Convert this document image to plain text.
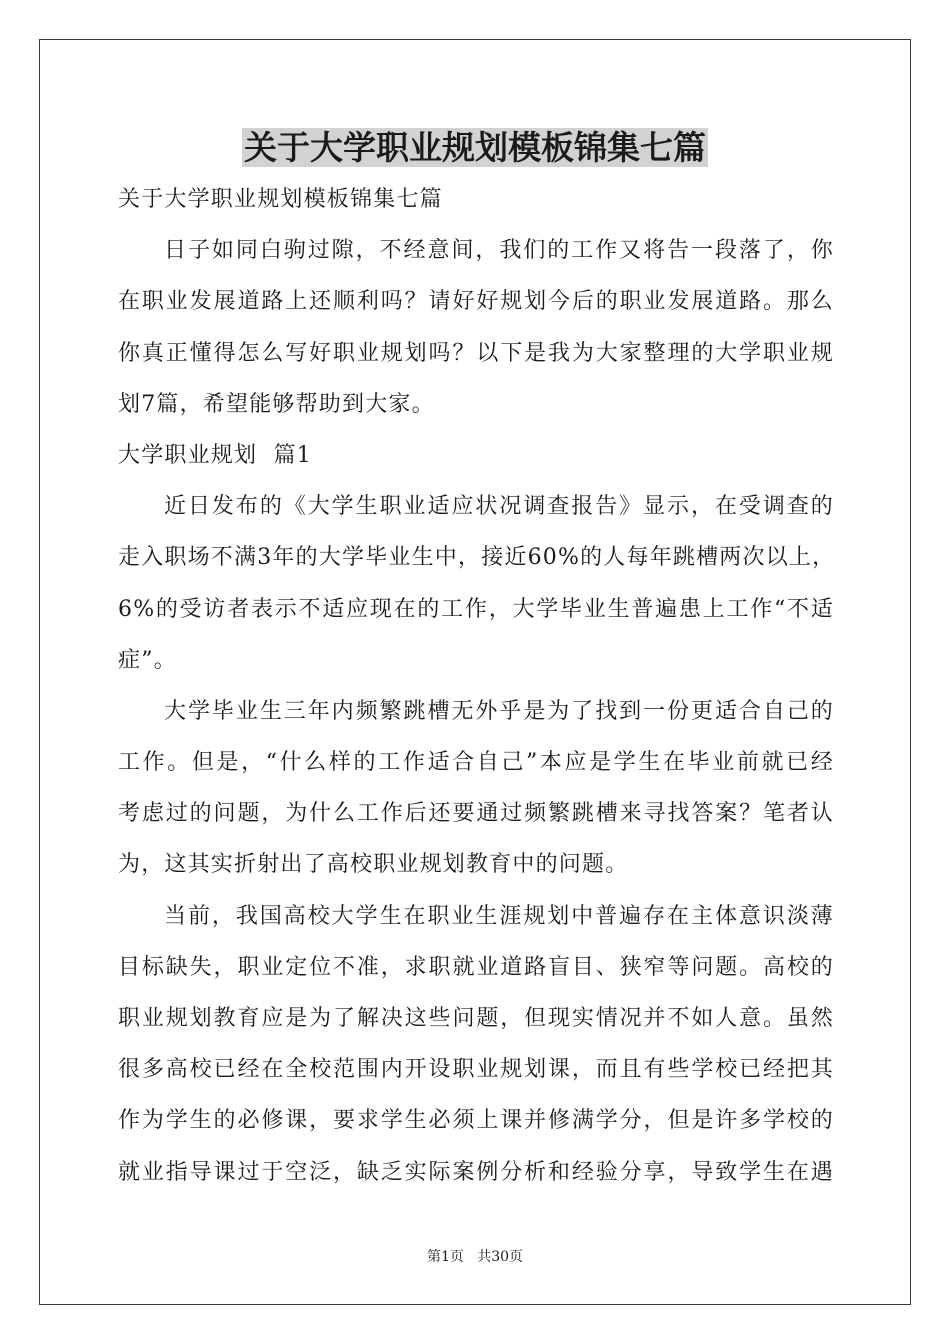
关于大学职业规划模板锦集七篇
关于大学职业规划模板锦集七篇
日子如同白驹过隙，不经意间，我们的工作又将告一段落了，你
在职业发展道路上还顺利吗？请好好规划今后的职业发展道路。那么
你真正懂得怎么写好职业规划吗？以下是我为大家整理的大学职业规
划7篇，希望能够帮助到大家。
大学职业规划  篇1
近日发布的《大学生职业适应状况调查报告》显示，在受调查的
走入职场不满3年的大学毕业生中，接近60%的人每年跳槽两次以上，
6%的受访者表示不适应现在的工作，大学毕业生普遍患上工作“不适
症”。
大学毕业生三年内频繁跳槽无外乎是为了找到一份更适合自己的
工作。但是，“什么样的工作适合自己”本应是学生在毕业前就已经
考虑过的问题，为什么工作后还要通过频繁跳槽来寻找答案？笔者认
为，这其实折射出了高校职业规划教育中的问题。
当前，我国高校大学生在职业生涯规划中普遍存在主体意识淡薄
目标缺失，职业定位不准，求职就业道路盲目、狭窄等问题。高校的
职业规划教育应是为了解决这些问题，但现实情况并不如人意。虽然
很多高校已经在全校范围内开设职业规划课，而且有些学校已经把其
作为学生的必修课，要求学生必须上课并修满学分，但是许多学校的
就业指导课过于空泛，缺乏实际案例分析和经验分享，导致学生在遇
第1页   共30页
